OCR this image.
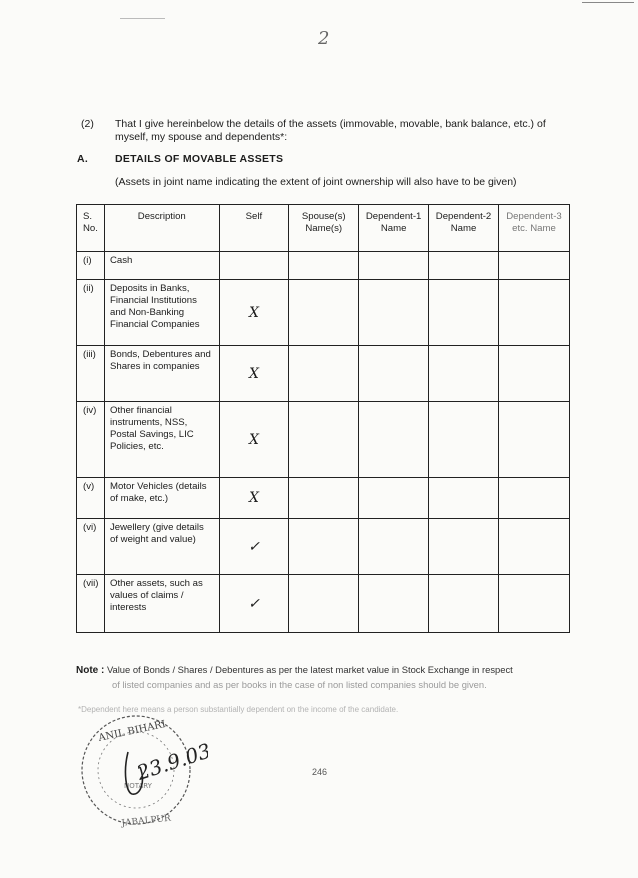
2
(2) That I give hereinbelow the details of the assets (immovable, movable, bank balance, etc.) of myself, my spouse and dependents*:
A.	DETAILS OF MOVABLE ASSETS
(Assets in joint name indicating the extent of joint ownership will also have to be given)
S. No.	Description	Self	Spouse(s) Name(s)	Dependent-1 Name	Dependent-2 Name	Dependent-3 etc. Name
(i)	Cash					
(ii)	Deposits in Banks, Financial Institutions and Non-Banking Financial Companies	X				
(iii)	Bonds, Debentures and Shares in companies	X				
(iv)	Other financial instruments, NSS, Postal Savings, LIC Policies, etc.	X				
(v)	Motor Vehicles (details of make, etc.)	X				
(vi)	Jewellery (give details of weight and value)	✓				
(vii)	Other assets, such as values of claims / interests	✓				
Note : Value of Bonds / Shares / Debentures as per the latest market value in Stock Exchange in respect
of listed companies and as per books in the case of non listed companies should be given.
*Dependent here means a person substantially dependent on the income of the candidate.
ANIL BIHARI
JABALPUR
NOTARY
23.9.03	246
